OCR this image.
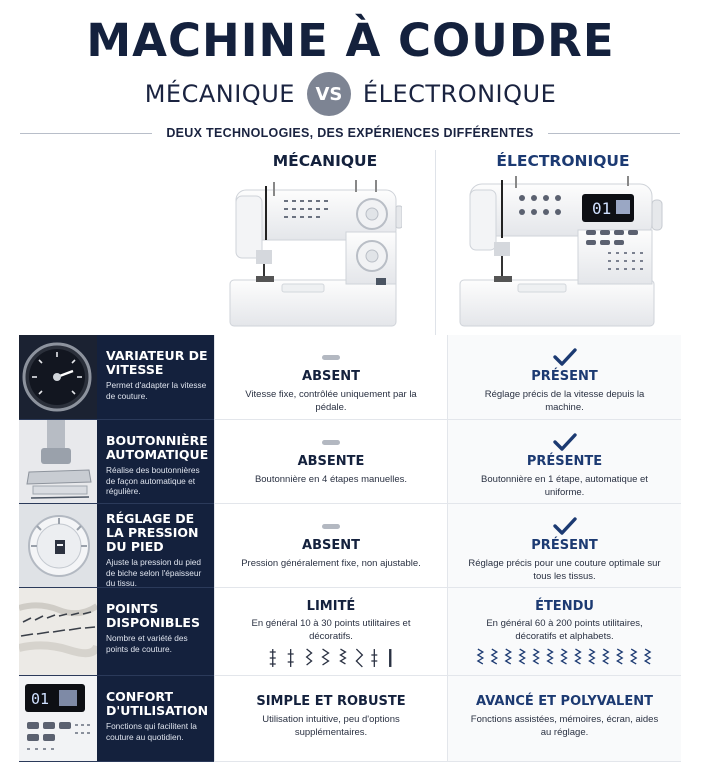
MACHINE À COUDRE
MÉCANIQUE	VS ÉLECTRONIQUE
DEUX TECHNOLOGIES, DES EXPÉRIENCES DIFFÉRENTES
MÉCANIQUE	ÉLECTRONIQUE
01
VARIATEUR DE VITESSE
Permet d'adapter la vitesse de couture.
ABSENT
Vitesse fixe, contrôlée uniquement par la pédale.
PRÉSENT
Réglage précis de la vitesse depuis la machine.
BOUTONNIÈRE AUTOMATIQUE
Réalise des boutonnières de façon automatique et régulière.
ABSENTE
Boutonnière en 4 étapes manuelles.
PRÉSENTE
Boutonnière en 1 étape, automatique et uniforme.
RÉGLAGE DE LA PRESSION DU PIED
Ajuste la pression du pied de biche selon l'épaisseur du tissu.
ABSENT
Pression généralement fixe, non ajustable.
PRÉSENT
Réglage précis pour une couture optimale sur tous les tissus.
POINTS DISPONIBLES
Nombre et variété des points de couture.
LIMITÉ
En général 10 à 30 points utilitaires et décoratifs.
ÉTENDU
En général 60 à 200 points utilitaires, décoratifs et alphabets.
01	CONFORT D'UTILISATION
Fonctions qui facilitent la couture au quotidien.
SIMPLE ET ROBUSTE
Utilisation intuitive, peu d'options supplémentaires.
AVANCÉ ET POLYVALENT
Fonctions assistées, mémoires, écran, aides au réglage.
